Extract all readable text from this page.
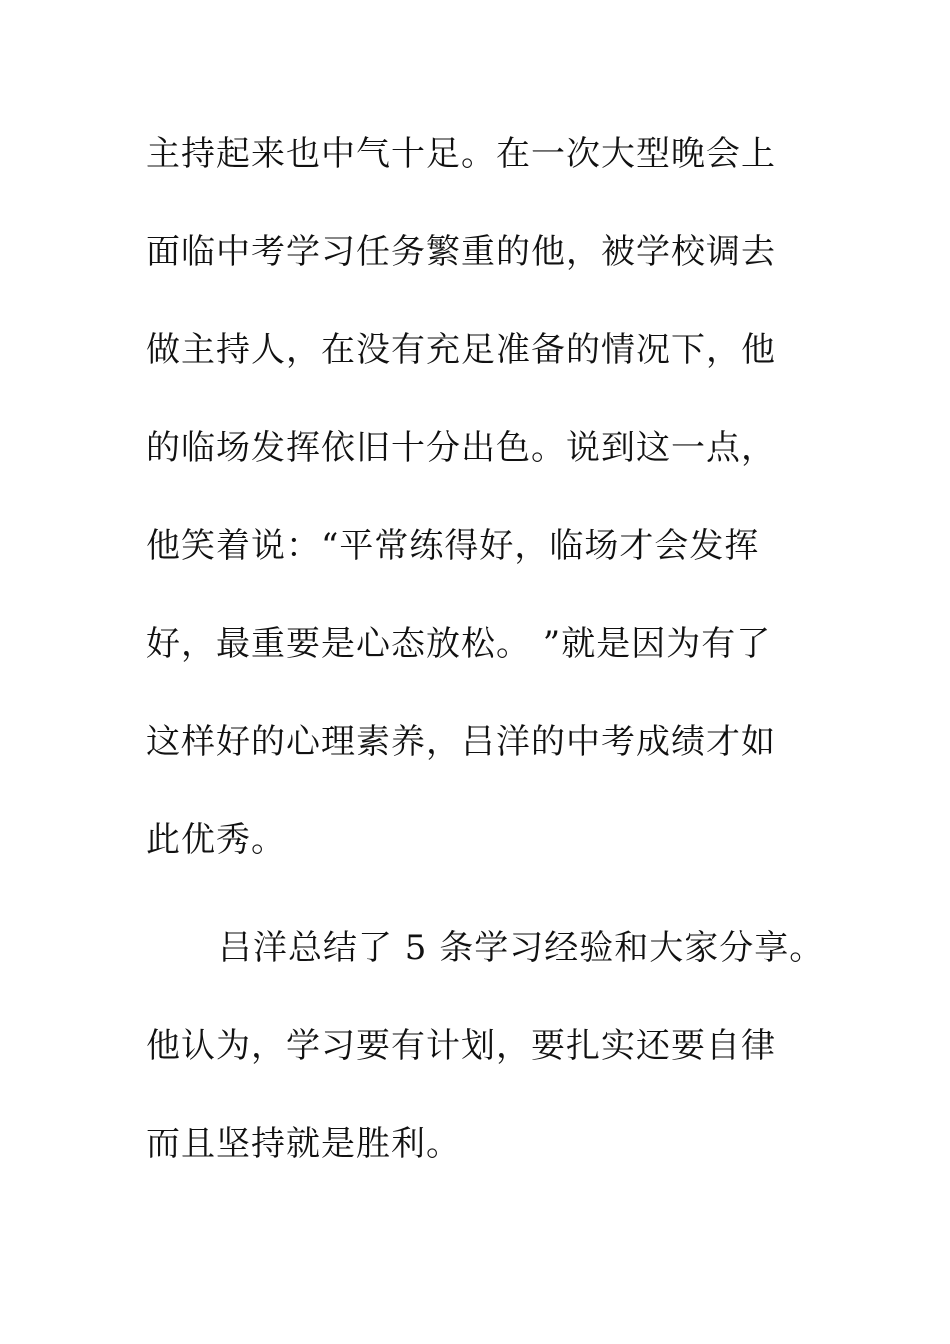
主持起来也中气十足。在一次大型晚会上
面临中考学习任务繁重的他，被学校调去
做主持人，在没有充足准备的情况下，他
的临场发挥依旧十分出色。说到这一点，
他笑着说：“平常练得好，临场才会发挥
好，最重要是心态放松。 ”就是因为有了
这样好的心理素养，吕洋的中考成绩才如
此优秀。
吕洋总结了 5 条学习经验和大家分享。
他认为，学习要有计划，要扎实还要自律
而且坚持就是胜利。
